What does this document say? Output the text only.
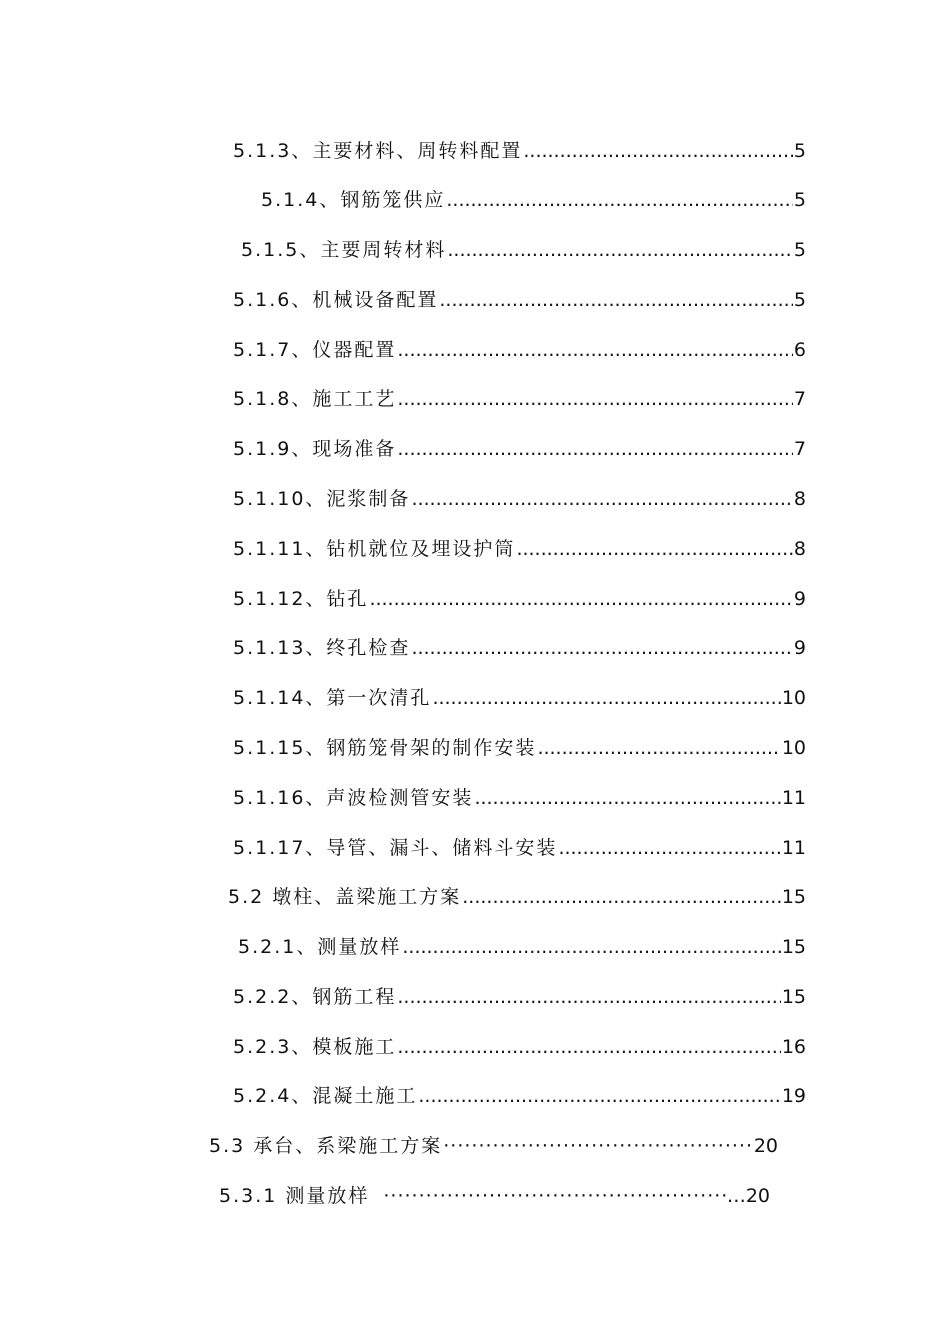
5.1.3、主要材料、周转料配置 .....	5
5.1.4、钢筋笼供应 .....	5
5.1.5、主要周转材料 .....	5
5.1.6、机械设备配置 .....	5
5.1.7、仪器配置 .....	6
5.1.8、施工工艺 .....	7
5.1.9、现场准备 .....	7
5.1.10、泥浆制备 .....	8
5.1.11、钻机就位及埋设护筒 .....	8
5.1.12、钻孔 .....	9
5.1.13、终孔检查 .....	9
5.1.14、第一次清孔 .....	10
5.1.15、钢筋笼骨架的制作安装 .....	10
5.1.16、声波检测管安装 .....	11
5.1.17、导管、漏斗、储料斗安装 .....	11
5.2 墩柱、盖梁施工方案 .....	15
5.2.1、测量放样 .....	15
5.2.2、钢筋工程 .....	15
5.2.3、模板施工 .....	16
5.2.4、混凝土施工 .....	19
5.3 承台、系梁施工方案 ·····	20
5.3.1 测量放样 ·····	…20
